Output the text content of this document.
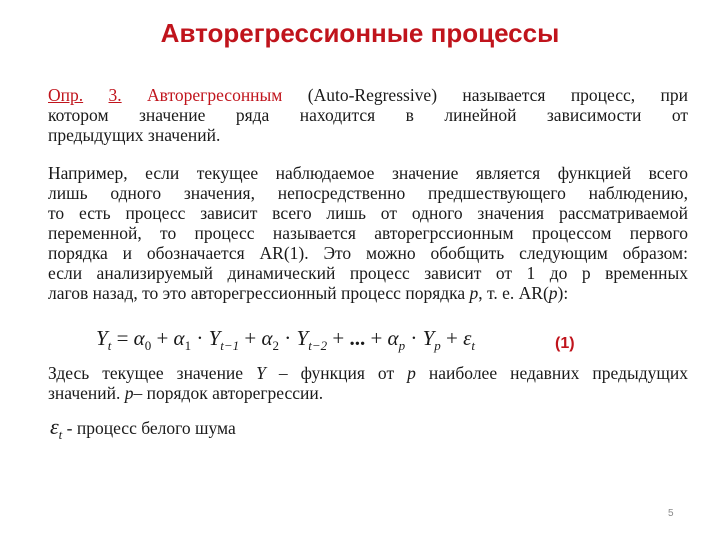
Авторегрессионные процессы
Опр. 3. Авторегресонным (Auto-Regressive) называется процесс, при
котором значение ряда находится в линейной зависимости от
предыдущих значений.
Например, если текущее наблюдаемое значение является функцией всего
лишь одного значения, непосредственно предшествующего наблюдению,
то есть процесс зависит всего лишь от одного значения рассматриваемой
переменной, то процесс называется авторегрссионным процессом первого
порядка и обозначается AR(1). Это можно обобщить следующим образом:
если анализируемый динамический процесс зависит от 1 до p временных
лагов назад, то это авторегрессионный процесс порядка p, т. е. AR(p):
$Y_t = \alpha_0 + \alpha_1 \cdot Y_{t-1} + \alpha_2 \cdot Y_{t-2}$ + ... + $\alpha_p \cdot Y_p + \varepsilon_t$	(1)
Здесь текущее значение Y – функция от p наиболее недавних предыдущих
значений. p– порядок авторегрессии.
$\varepsilon_t$ - процесс белого шума
5
